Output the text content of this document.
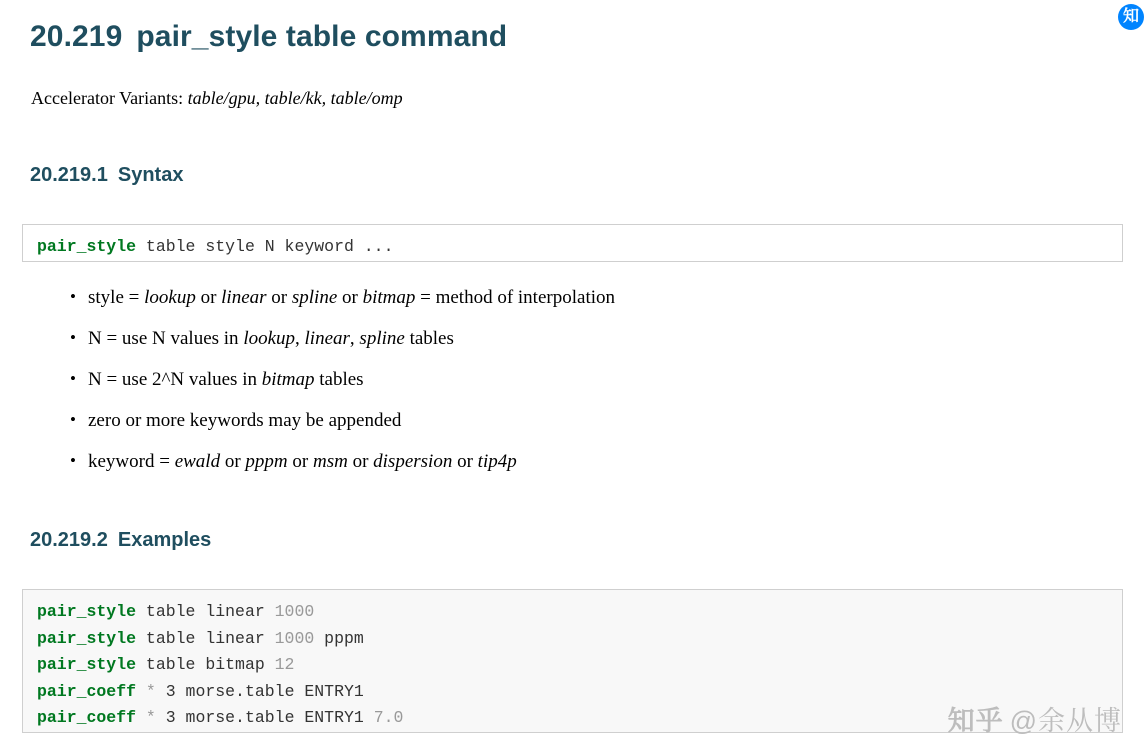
知
20.219 pair_style table command

Accelerator Variants: table/gpu, table/kk, table/omp

20.219.1 Syntax
pair_style table style N keyword ...
• style = lookup or linear or spline or bitmap = method of interpolation
• N = use N values in lookup, linear, spline tables
• N = use 2^N values in bitmap tables
• zero or more keywords may be appended
• keyword = ewald or pppm or msm or dispersion or tip4p
20.219.2 Examples
pair_style table linear 1000
pair_style table linear 1000 pppm
pair_style table bitmap 12
pair_coeff * 3 morse.table ENTRY1
pair_coeff * 3 morse.table ENTRY1 7.0	知乎 @余从博
